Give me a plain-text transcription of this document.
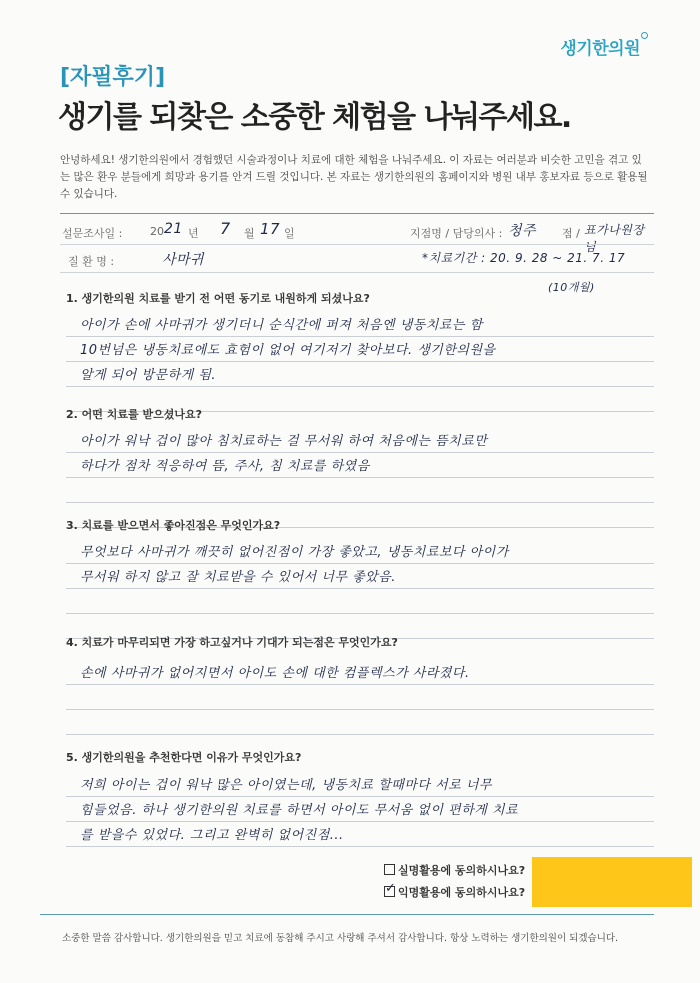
생기한의원
[자필후기]
생기를 되찾은 소중한 체험을 나눠주세요.
안녕하세요! 생기한의원에서 경험했던 시술과정이나 치료에 대한 체험을 나눠주세요. 이 자료는 여러분과 비슷한 고민을 겪고 있는 많은 환우 분들에게 희망과 용기를 안겨 드릴 것입니다. 본 자료는 생기한의원의 홈페이지와 병원 내부 홍보자료 등으로 활용될 수 있습니다.
설문조사일 :	20 21 년 7 월 17 일	지점명 / 담당의사 : 청주 점 / 표가나원장님
질 환 명 :	사마귀	*치료기간 : 20. 9. 28 ~ 21. 7. 17
(10개월)
1. 생기한의원 치료를 받기 전 어떤 동기로 내원하게 되셨나요?
아이가 손에 사마귀가 생기더니 순식간에 퍼져 처음엔 냉동치료는 함
10번넘은 냉동치료에도 효험이 없어 여기저기 찾아보다. 생기한의원을
알게 되어 방문하게 됨.
2. 어떤 치료를 받으셨나요?
아이가 워낙 겁이 많아 침치료하는 걸 무서워 하여 처음에는 뜸치료만
하다가 점차 적응하여 뜸, 주사, 침 치료를 하였음
3. 치료를 받으면서 좋아진점은 무엇인가요?
무엇보다 사마귀가 깨끗히 없어진점이 가장 좋았고, 냉동치료보다 아이가
무서워 하지 않고 잘 치료받을 수 있어서 너무 좋았음.
4. 치료가 마무리되면 가장 하고싶거나 기대가 되는점은 무엇인가요?
손에 사마귀가 없어지면서 아이도 손에 대한 컴플렉스가 사라졌다.
5. 생기한의원을 추천한다면 이유가 무엇인가요?
저희 아이는 겁이 워낙 많은 아이였는데, 냉동치료 할때마다 서로 너무
힘들었음. 하나 생기한의원 치료를 하면서 아이도 무서움 없이 편하게 치료
를 받을수 있었다. 그리고 완벽히 없어진점...
실명활용에 동의하시나요?
✓ 익명활용에 동의하시나요?
소중한 말씀 감사합니다. 생기한의원을 믿고 치료에 동참해 주시고 사랑해 주셔서 감사합니다. 항상 노력하는 생기한의원이 되겠습니다.
